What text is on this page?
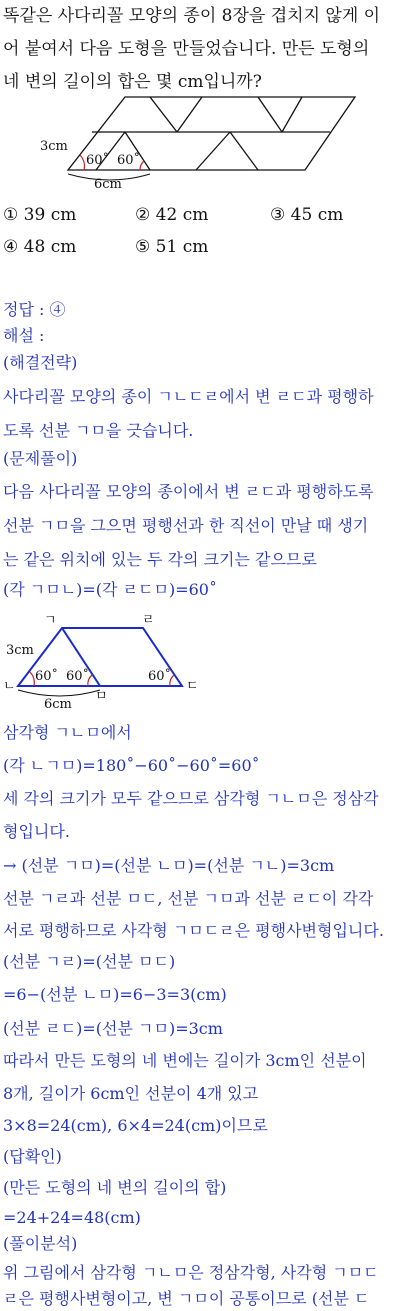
똑같은 사다리꼴 모양의 종이 8장을 겹치지 않게 이
어 붙여서 다음 도형을 만들었습니다. 만든 도형의
네 변의 길이의 합은 몇 cm입니까?
3cm
60˚ 60˚
6cm
① 39 cm	② 42 cm	③ 45 cm
④ 48 cm	⑤ 51 cm
정답 : ④
해설 :
(해결전략)
사다리꼴 모양의 종이 ㄱㄴㄷㄹ에서 변 ㄹㄷ과 평행하
도록 선분 ㄱㅁ을 긋습니다.
(문제풀이)
다음 사다리꼴 모양의 종이에서 변 ㄹㄷ과 평행하도록
선분 ㄱㅁ을 그으면 평행선과 한 직선이 만날 때 생기
는 같은 위치에 있는 두 각의 크기는 같으므로
(각 ㄱㅁㄴ)=(각 ㄹㄷㅁ)=60˚
ㄱ	ㄹ
ㄴ	ㄷ
ㅁ
3cm
60˚ 60˚	60˚
6cm
삼각형 ㄱㄴㅁ에서
(각 ㄴㄱㅁ)=180˚−60˚−60˚=60˚
세 각의 크기가 모두 같으므로 삼각형 ㄱㄴㅁ은 정삼각
형입니다.
→ (선분 ㄱㅁ)=(선분 ㄴㅁ)=(선분 ㄱㄴ)=3cm
선분 ㄱㄹ과 선분 ㅁㄷ, 선분 ㄱㅁ과 선분 ㄹㄷ이 각각
서로 평행하므로 사각형 ㄱㅁㄷㄹ은 평행사변형입니다.
(선분 ㄱㄹ)=(선분 ㅁㄷ)
=6−(선분 ㄴㅁ)=6−3=3(cm)
(선분 ㄹㄷ)=(선분 ㄱㅁ)=3cm
따라서 만든 도형의 네 변에는 길이가 3cm인 선분이
8개, 길이가 6cm인 선분이 4개 있고
3×8=24(cm), 6×4=24(cm)이므로
(답확인)
(만든 도형의 네 변의 길이의 합)
=24+24=48(cm)
(풀이분석)
위 그림에서 삼각형 ㄱㄴㅁ은 정삼각형, 사각형 ㄱㅁㄷ
ㄹ은 평행사변형이고, 변 ㄱㅁ이 공통이므로 (선분 ㄷ
